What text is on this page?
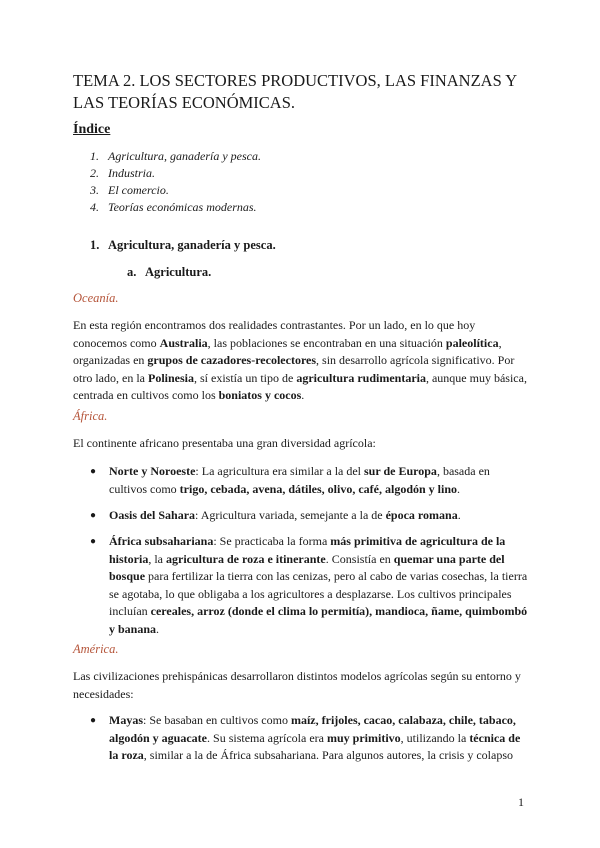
TEMA 2. LOS SECTORES PRODUCTIVOS, LAS FINANZAS Y LAS TEORÍAS ECONÓMICAS.

Índice

1. Agricultura, ganadería y pesca.
2. Industria.
3. El comercio.
4. Teorías económicas modernas.
1. Agricultura, ganadería y pesca.
a. Agricultura.

Oceanía.

En esta región encontramos dos realidades contrastantes. Por un lado, en lo que hoy conocemos como Australia, las poblaciones se encontraban en una situación paleolítica, organizadas en grupos de cazadores-recolectores, sin desarrollo agrícola significativo. Por otro lado, en la Polinesia, sí existía un tipo de agricultura rudimentaria, aunque muy básica, centrada en cultivos como los boniatos y cocos.

África.

El continente africano presentaba una gran diversidad agrícola:

●	Norte y Noroeste: La agricultura era similar a la del sur de Europa, basada en cultivos como trigo, cebada, avena, dátiles, olivo, café, algodón y lino.
●	Oasis del Sahara: Agricultura variada, semejante a la de época romana.
●	África subsahariana: Se practicaba la forma más primitiva de agricultura de la historia, la agricultura de roza e itinerante. Consistía en quemar una parte del bosque para fertilizar la tierra con las cenizas, pero al cabo de varias cosechas, la tierra se agotaba, lo que obligaba a los agricultores a desplazarse. Los cultivos principales incluían cereales, arroz (donde el clima lo permitía), mandioca, ñame, quimbombó y banana.

América.

Las civilizaciones prehispánicas desarrollaron distintos modelos agrícolas según su entorno y necesidades:

●	Mayas: Se basaban en cultivos como maíz, frijoles, cacao, calabaza, chile, tabaco, algodón y aguacate. Su sistema agrícola era muy primitivo, utilizando la técnica de la roza, similar a la de África subsahariana. Para algunos autores, la crisis y colapso
1
